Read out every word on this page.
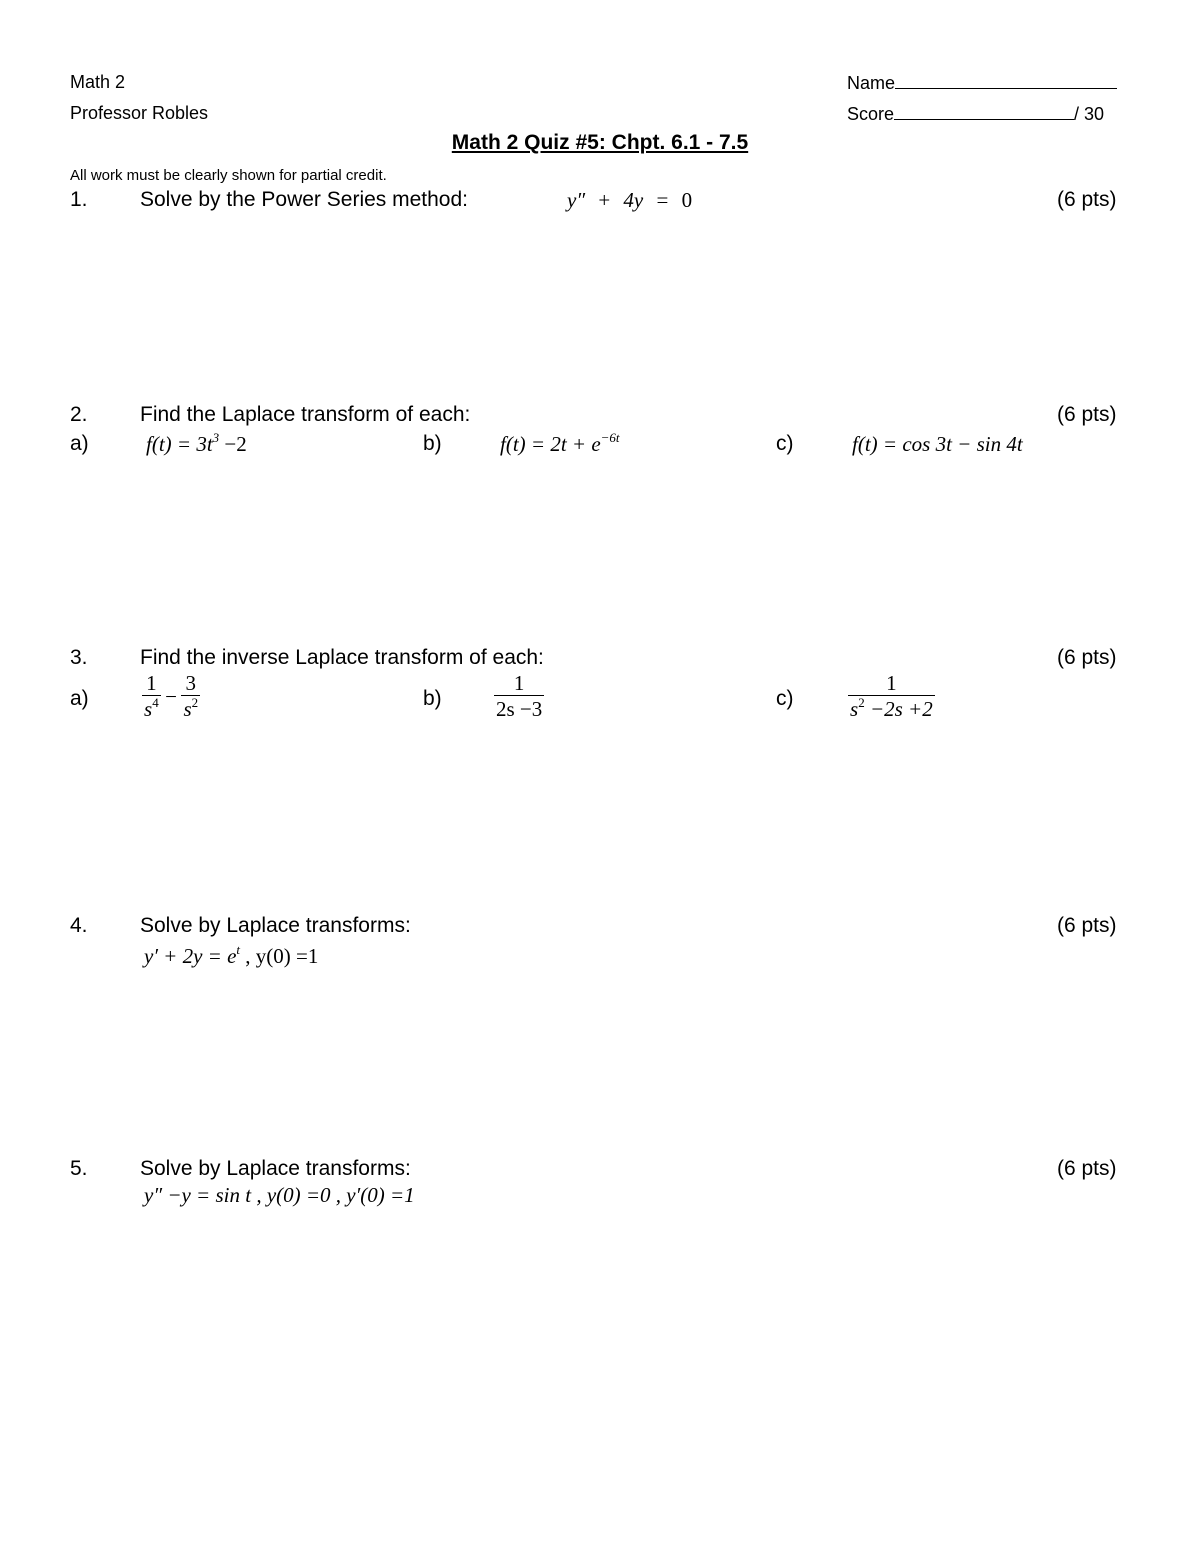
Math 2
Professor Robles
Name
Score	/ 30
Math 2 Quiz #5: Chpt. 6.1 - 7.5
All work must be clearly shown for partial credit.
1. Solve by the Power Series method:	y″ + 4y = 0	(6 pts)
2. Find the Laplace transform of each:	(6 pts)
a)	$f(t) = 3t^3 -2$	b)	$f(t) = 2t + e^{-6t}$	c)	f(t) = cos 3t − sin 4t
3. Find the inverse Laplace transform of each:	(6 pts)
a)	$\frac{1}{s^4} - \frac{3}{s^2}$	$b) \frac{1}{2s -3}$	c)	$\frac{1}{s^2 -2s +2}$
4. Solve by Laplace transforms:	(6 pts)
$y' + 2y = e^t$ , y(0) =1
5. Solve by Laplace transforms:	(6 pts)
y″ −y = sin t , y(0) =0 , y′(0) =1
